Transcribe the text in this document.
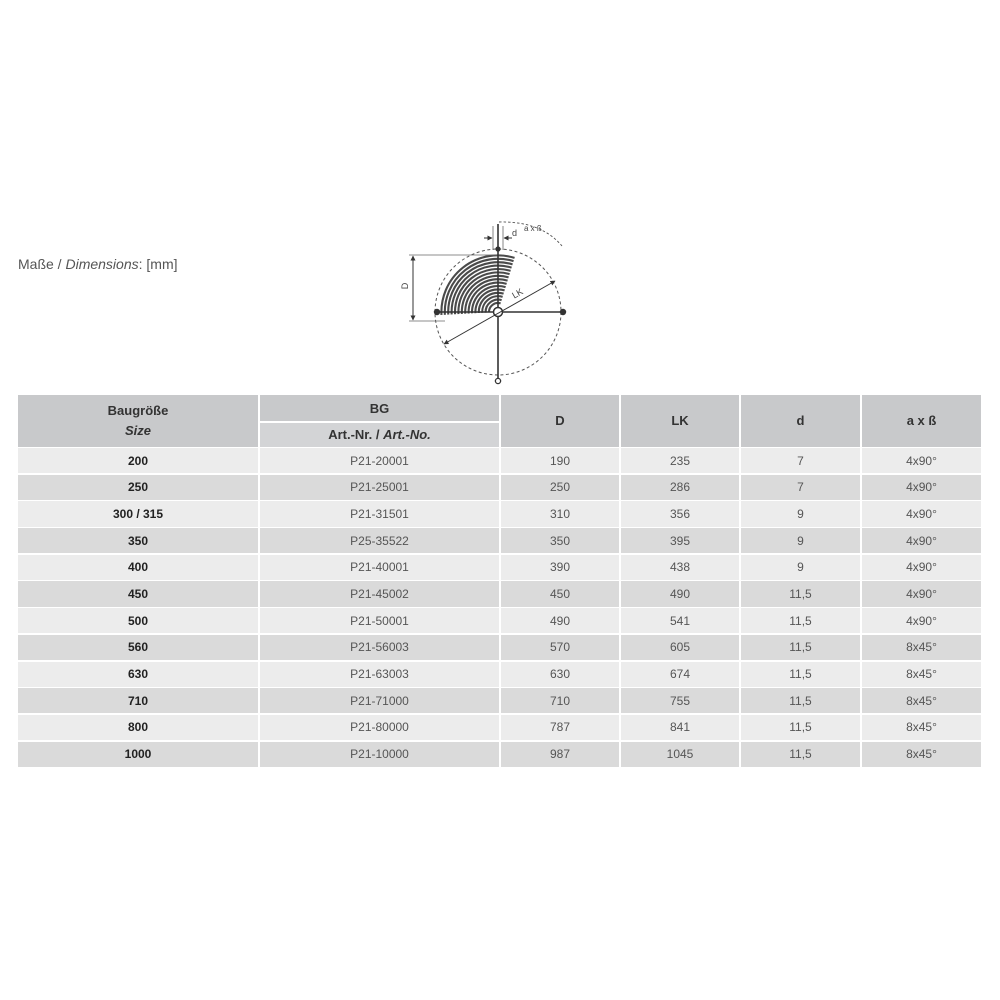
Maße / Dimensions: [mm]
D
d a x ß
LK
Baugröße
Size
BG
Art.-Nr. / Art.-No.
D	LK	d	a x ß
200	P21-20001	190	235	7	4x90°
250	P21-25001	250	286	7	4x90°
300 / 315	P21-31501	310	356	9	4x90°
350	P25-35522	350	395	9	4x90°
400	P21-40001	390	438	9	4x90°
450	P21-45002	450	490	11,5	4x90°
500	P21-50001	490	541	11,5	4x90°
560	P21-56003	570	605	11,5	8x45°
630	P21-63003	630	674	11,5	8x45°
710	P21-71000	710	755	11,5	8x45°
800	P21-80000	787	841	11,5	8x45°
1000	P21-10000	987	1045	11,5	8x45°
